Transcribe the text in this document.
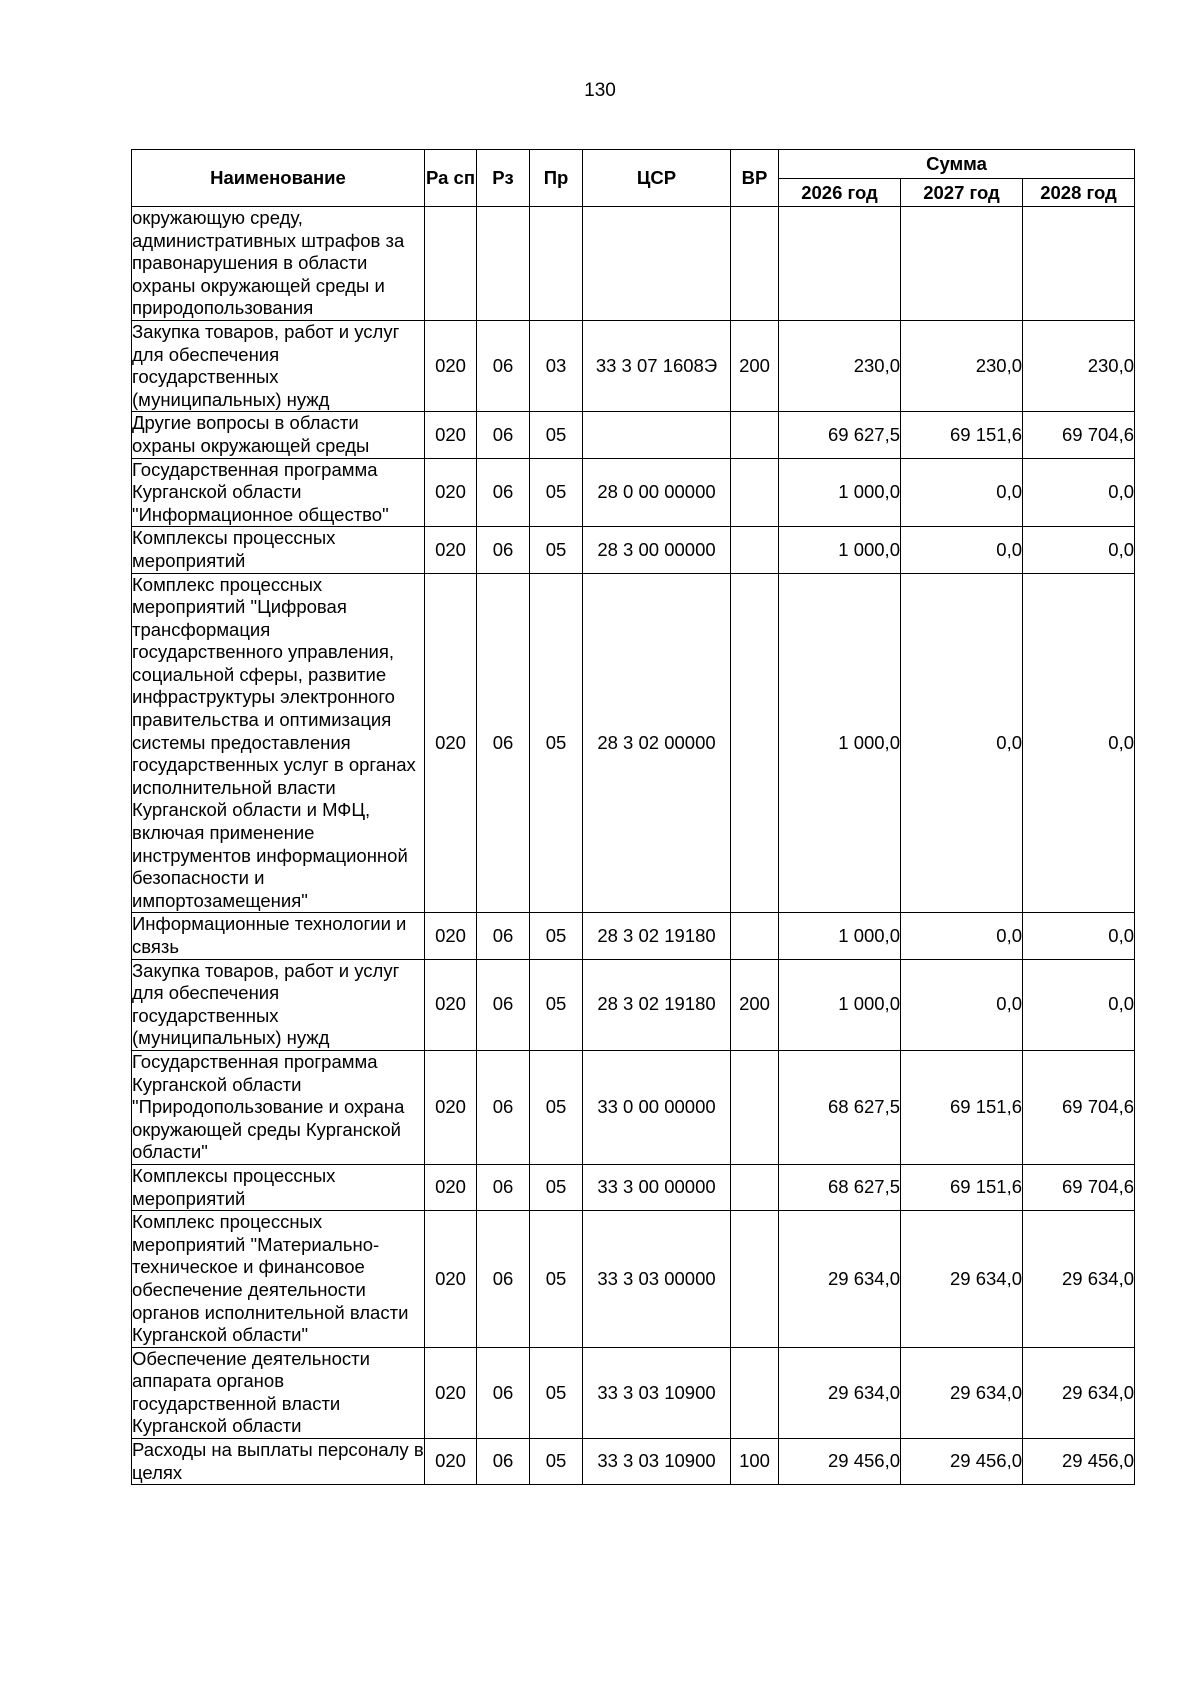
130
Наименование	Ра сп	Рз	Пр	ЦСР	ВР	Сумма		
						2026 год	2027 год	2028 год
окружающую среду, административных штрафов за правонарушения в области охраны окружающей среды и природопользования								
Закупка товаров, работ и услуг для обеспечения государственных (муниципальных) нужд	020	06	03	33 3 07 1608Э	200	230,0	230,0	230,0
Другие вопросы в области охраны окружающей среды	020	06	05			69 627,5	69 151,6	69 704,6
Государственная программа Курганской области "Информационное общество"	020	06	05	28 0 00 00000		1 000,0	0,0	0,0
Комплексы процессных мероприятий	020	06	05	28 3 00 00000		1 000,0	0,0	0,0
Комплекс процессных мероприятий "Цифровая трансформация государственного управления, социальной сферы, развитие инфраструктуры электронного правительства и оптимизация системы предоставления государственных услуг в органах исполнительной власти Курганской области и МФЦ, включая применение инструментов информационной безопасности и импортозамещения"	020	06	05	28 3 02 00000		1 000,0	0,0	0,0
Информационные технологии и связь	020	06	05	28 3 02 19180		1 000,0	0,0	0,0
Закупка товаров, работ и услуг для обеспечения государственных (муниципальных) нужд	020	06	05	28 3 02 19180	200	1 000,0	0,0	0,0
Государственная программа Курганской области "Природопользование и охрана окружающей среды Курганской области"	020	06	05	33 0 00 00000		68 627,5	69 151,6	69 704,6
Комплексы процессных мероприятий	020	06	05	33 3 00 00000		68 627,5	69 151,6	69 704,6
Комплекс процессных мероприятий "Материально-техническое и финансовое обеспечение деятельности органов исполнительной власти Курганской области"	020	06	05	33 3 03 00000		29 634,0	29 634,0	29 634,0
Обеспечение деятельности аппарата органов государственной власти Курганской области	020	06	05	33 3 03 10900		29 634,0	29 634,0	29 634,0
Расходы на выплаты персоналу в целях	020	06	05	33 3 03 10900	100	29 456,0	29 456,0	29 456,0
